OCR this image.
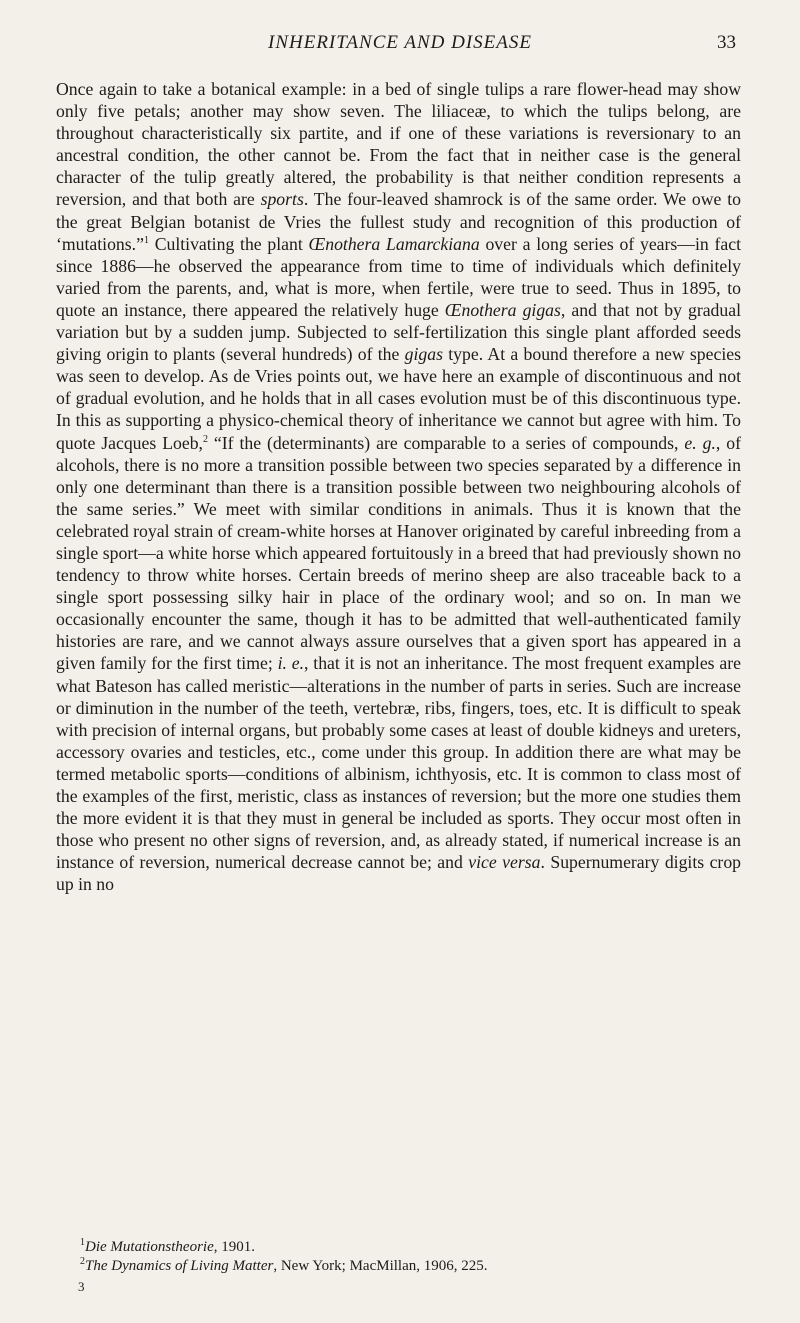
INHERITANCE AND DISEASE	33

Once again to take a botanical example: in a bed of single tulips a rare flower-head may show only five petals; another may show seven. The liliaceæ, to which the tulips belong, are throughout characteristically six partite, and if one of these variations is reversionary to an ancestral condition, the other cannot be. From the fact that in neither case is the general character of the tulip greatly altered, the probability is that neither condition represents a reversion, and that both are sports. The four-leaved shamrock is of the same order. We owe to the great Belgian botanist de Vries the fullest study and recognition of this production of ‘mutations.”$^1$ Cultivating the plant Œnothera Lamarckiana over a long series of years—in fact since 1886—he observed the appearance from time to time of individuals which definitely varied from the parents, and, what is more, when fertile, were true to seed. Thus in 1895, to quote an instance, there appeared the relatively huge Œnothera gigas, and that not by gradual variation but by a sudden jump. Subjected to self-fertilization this single plant afforded seeds giving origin to plants (several hundreds) of the gigas type. At a bound therefore a new species was seen to develop. As de Vries points out, we have here an example of discontinuous and not of gradual evolution, and he holds that in all cases evolution must be of this discontinuous type. In this as supporting a physico-chemical theory of inheritance we cannot but agree with him. To quote Jacques Loeb,$^2$ “If the (determinants) are comparable to a series of compounds, e. g., of alcohols, there is no more a transition possible between two species separated by a difference in only one determinant than there is a transition possible between two neighbouring alcohols of the same series.” We meet with similar conditions in animals. Thus it is known that the celebrated royal strain of cream-white horses at Hanover originated by careful inbreeding from a single sport—a white horse which appeared fortuitously in a breed that had previously shown no tendency to throw white horses. Certain breeds of merino sheep are also traceable back to a single sport possessing silky hair in place of the ordinary wool; and so on. In man we occasionally encounter the same, though it has to be admitted that well-authenticated family histories are rare, and we cannot always assure ourselves that a given sport has appeared in a given family for the first time; i. e., that it is not an inheritance. The most frequent examples are what Bateson has called meristic—alterations in the number of parts in series. Such are increase or diminution in the number of the teeth, vertebræ, ribs, fingers, toes, etc. It is difficult to speak with precision of internal organs, but probably some cases at least of double kidneys and ureters, accessory ovaries and testicles, etc., come under this group. In addition there are what may be termed metabolic sports—conditions of albinism, ichthyosis, etc. It is common to class most of the examples of the first, meristic, class as instances of reversion; but the more one studies them the more evident it is that they must in general be included as sports. They occur most often in those who present no other signs of reversion, and, as already stated, if numerical increase is an instance of reversion, numerical decrease cannot be; and vice versa. Supernumerary digits crop up in no

$^1$Die Mutationstheorie, 1901.

$^2$The Dynamics of Living Matter, New York; MacMillan, 1906, 225.

3
